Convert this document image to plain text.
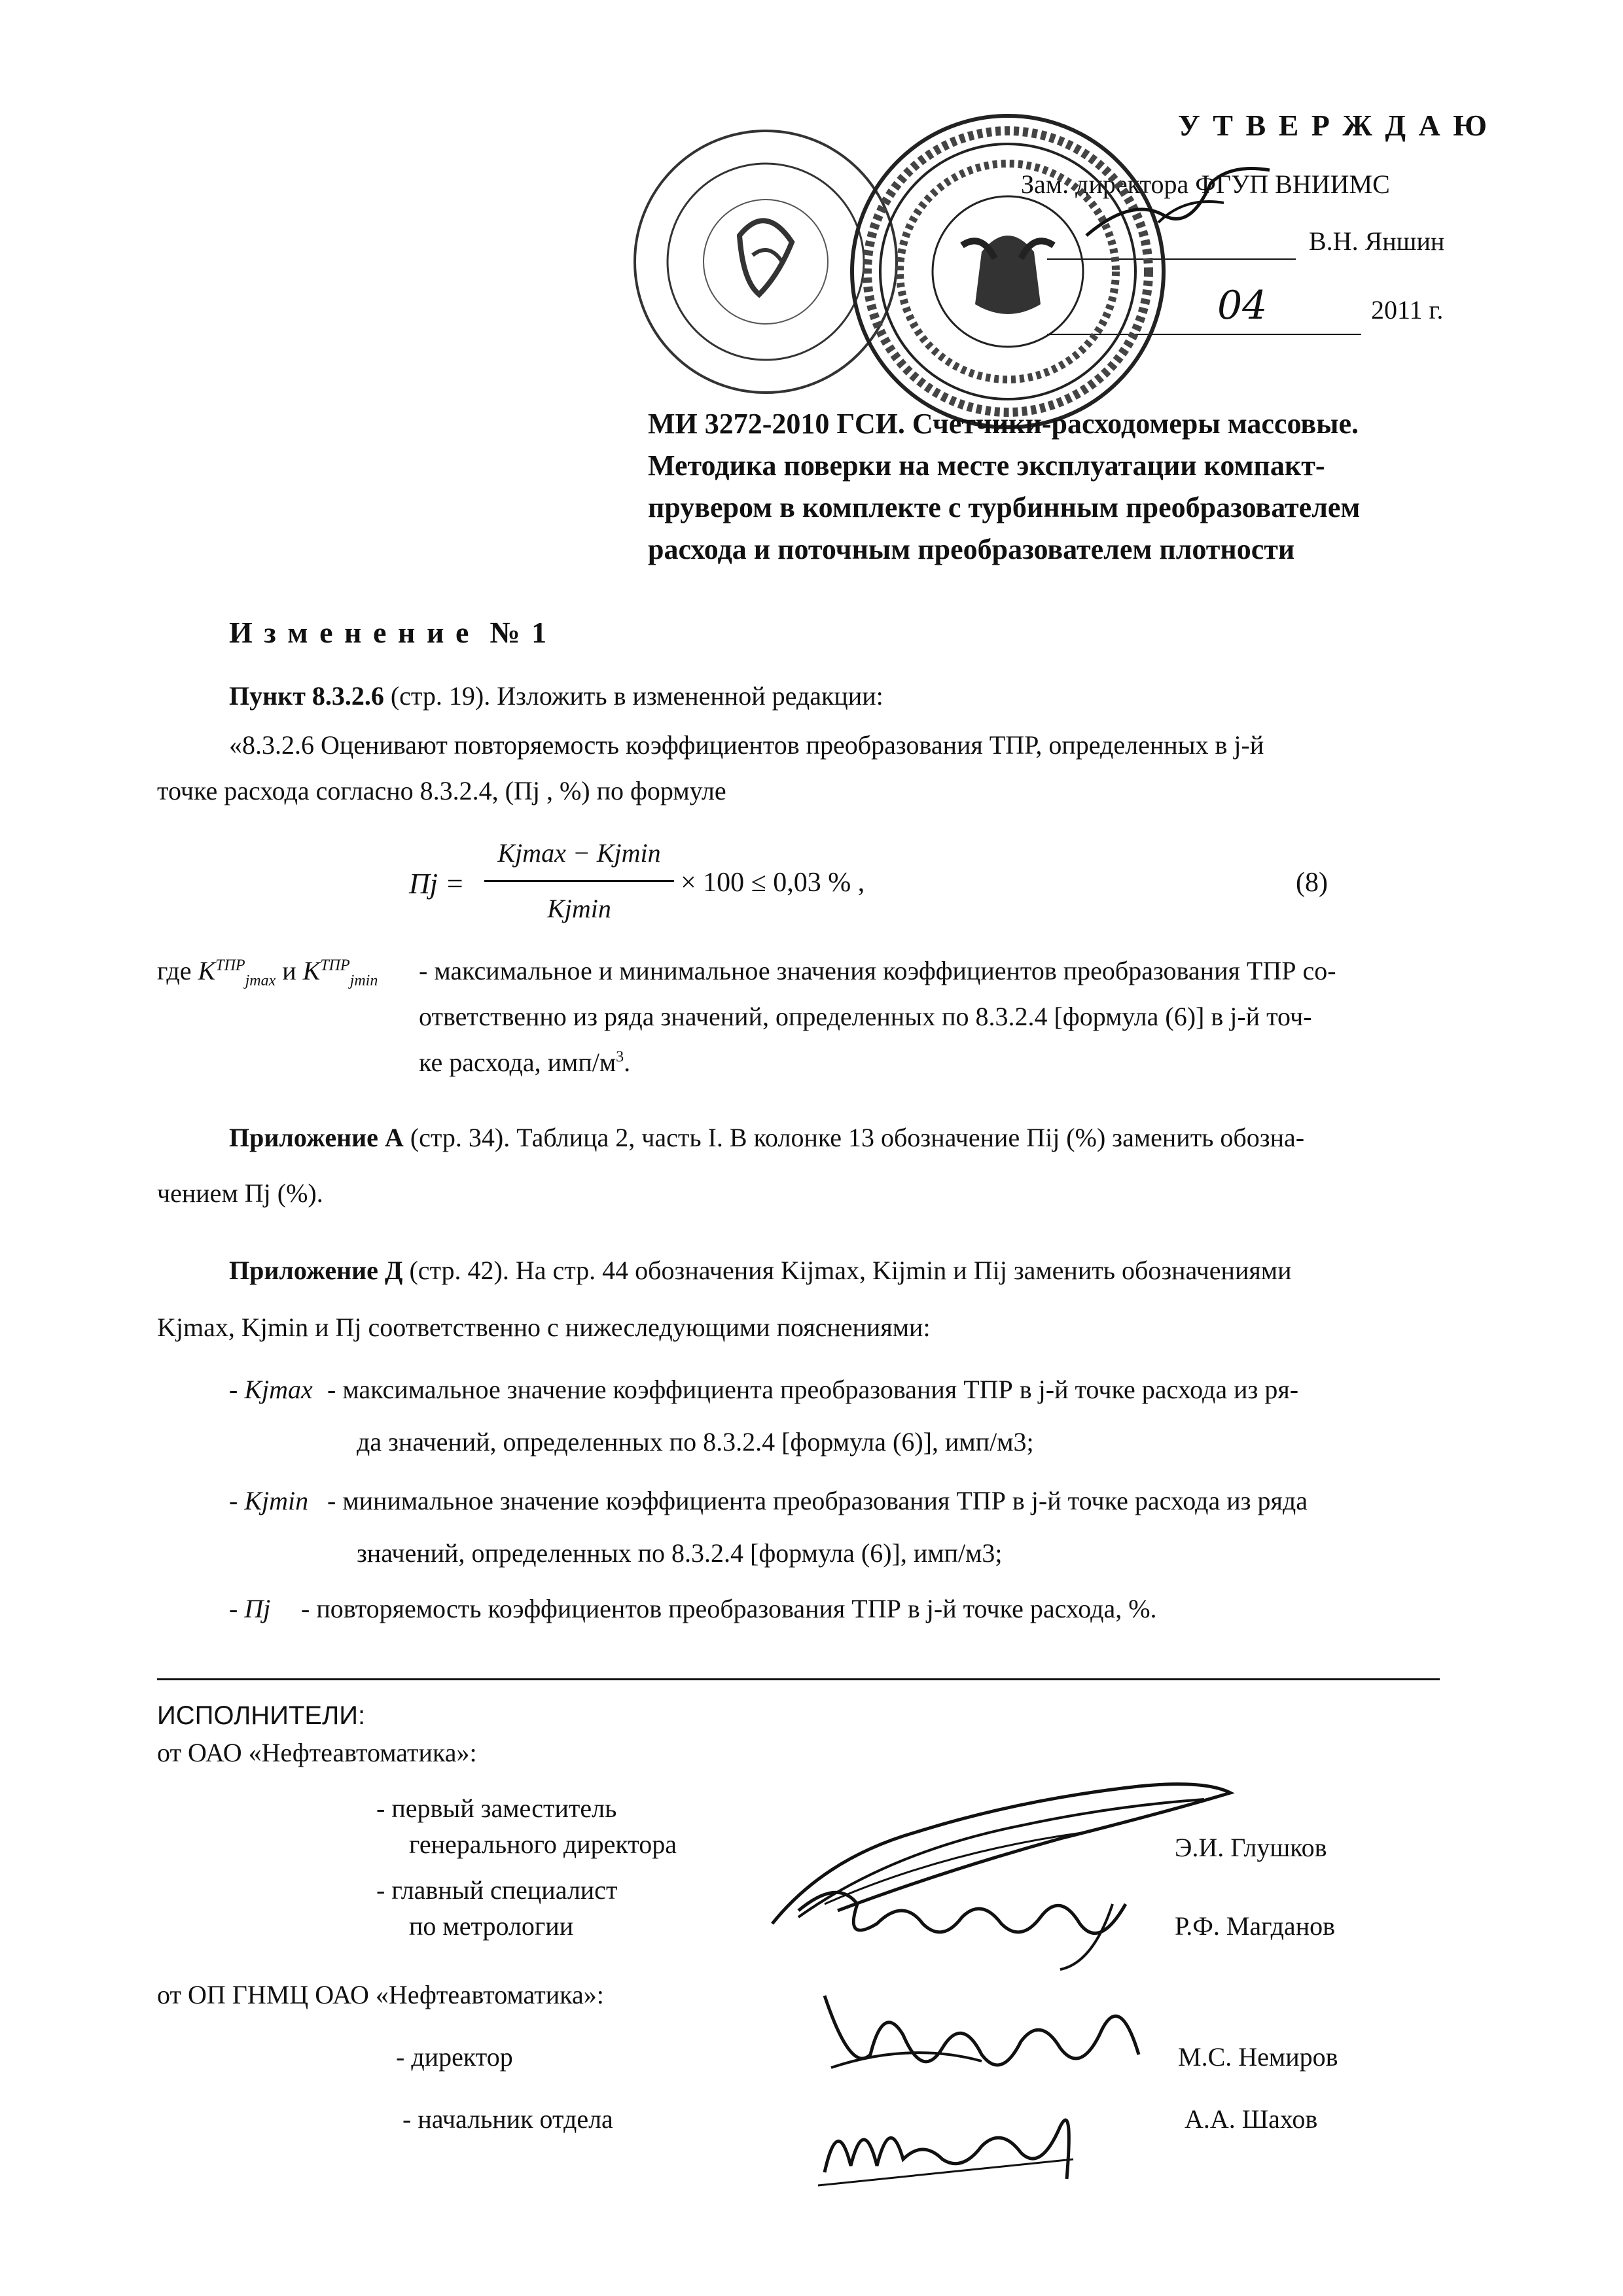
У Т В Е Р Ж Д А Ю
Зам. директора ФГУП ВНИИМС
В.Н. Яншин
04	2011 г.
МИ 3272-2010 ГСИ. Счетчики-расходомеры массовые.
Методика поверки на месте эксплуатации компакт-
прувером в комплекте с турбинным преобразователем
расхода и поточным преобразователем плотности
И з м е н е н и е  № 1
Пункт 8.3.2.6 (стр. 19). Изложить в измененной редакции:
«8.3.2.6 Оценивают повторяемость коэффициентов преобразования ТПР, определенных в j-й
точке расхода согласно 8.3.2.4, (Пj , %) по формуле
Пj =
Kjmax − Kjmin
Kjmin
× 100 ≤ 0,03 % ,	(8)
где $K^{ТПР}_{jmax}$ и $K^{ТПР}_{jmin}$ - максимальное и минимальное значения коэффициентов преобразования ТПР со-
ответственно из ряда значений, определенных по 8.3.2.4 [формула (6)] в j-й точ-
ке расхода, имп/$м^3$.
Приложение А (стр. 34). Таблица 2, часть I. В колонке 13 обозначение Пij (%) заменить обозна-
чением Пj (%).
Приложение Д (стр. 42). На стр. 44 обозначения Kijmax, Kijmin и Пij заменить обозначениями
Kjmax, Kjmin и Пj соответственно с нижеследующими пояснениями:
- Kjmax - максимальное значение коэффициента преобразования ТПР в j-й точке расхода из ря-
да значений, определенных по 8.3.2.4 [формула (6)], имп/м3;
- Kjmin - минимальное значение коэффициента преобразования ТПР в j-й точке расхода из ряда
значений, определенных по 8.3.2.4 [формула (6)], имп/м3;
- Пj - повторяемость коэффициентов преобразования ТПР в j-й точке расхода, %.
ИСПОЛНИТЕЛИ:
от ОАО «Нефтеавтоматика»:
- первый заместитель
генерального директора	Э.И. Глушков
- главный специалист
по метрологии	Р.Ф. Магданов
от ОП ГНМЦ ОАО «Нефтеавтоматика»:
- директор	М.С. Немиров
- начальник отдела	А.А. Шахов
